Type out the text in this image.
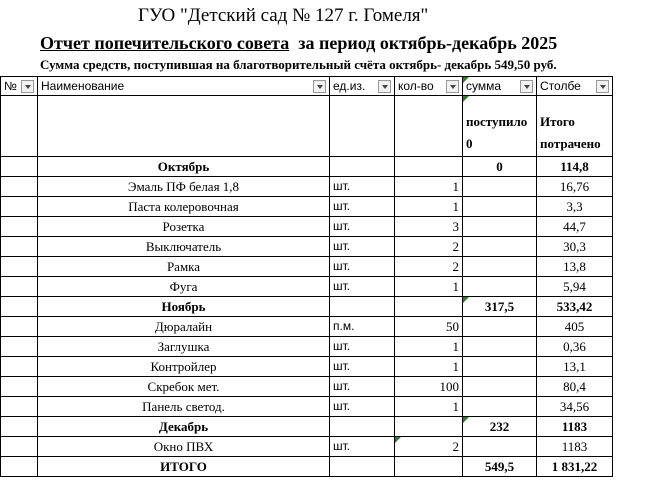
ГУО "Детский сад № 127 г. Гомеля"
Отчет попечительского совета  за период октябрь-декабрь 2025
Сумма средств, поступившая на благотворительный счёта октябрь- декабрь 549,50 руб.
№	Наименование	ед.из.	кол-во	сумма	Столбе

				поступило 0	Итого потрачено

	Октябрь			0	114,8
	Эмаль ПФ белая 1,8	шт.	1		16,76
	Паста колеровочная	шт.	1		3,3
	Розетка	шт.	3		44,7
	Выключатель	шт.	2		30,3
	Рамка	шт.	2		13,8
	Фуга	шт.	1		5,94
	Ноябрь			317,5	533,42
	Дюралайн	п.м.	50		405
	Заглушка	шт.	1		0,36
	Контройлер	шт.	1		13,1
	Скребок мет.	шт.	100		80,4
	Панель светод.	шт.	1		34,56
	Декабрь			232	1183
	Окно ПВХ	шт.	2		1183
	ИТОГО			549,5	1 831,22
